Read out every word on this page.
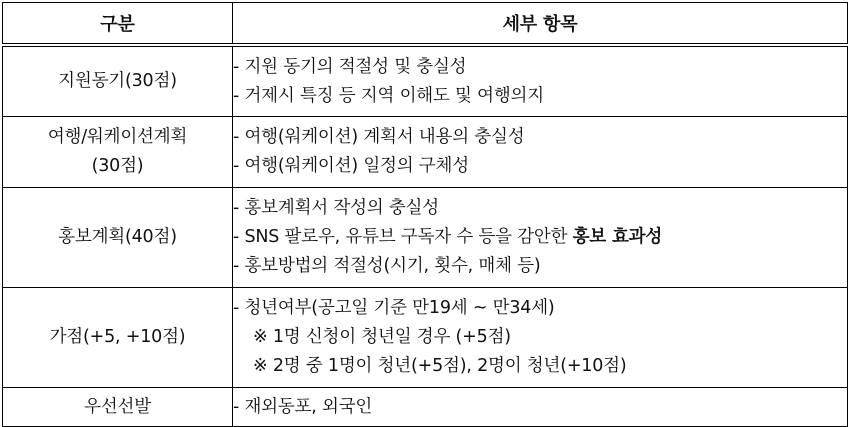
구분	세부 항목
지원동기(30점)	- 지원 동기의 적절성 및 충실성
- 거제시 특징 등 지역 이해도 및 여행의지

여행/워케이션계획
(30점)	- 여행(워케이션) 계획서 내용의 충실성
- 여행(워케이션) 일정의 구체성

홍보계획(40점)	- 홍보계획서 작성의 충실성
- SNS 팔로우, 유튜브 구독자 수 등을 감안한 홍보 효과성
- 홍보방법의 적절성(시기, 횟수, 매체 등)

가점(+5, +10점)	- 청년여부(공고일 기준 만19세 ~ 만34세)
※ 1명 신청이 청년일 경우 (+5점)
※ 2명 중 1명이 청년(+5점), 2명이 청년(+10점)

우선선발	- 재외동포, 외국인
